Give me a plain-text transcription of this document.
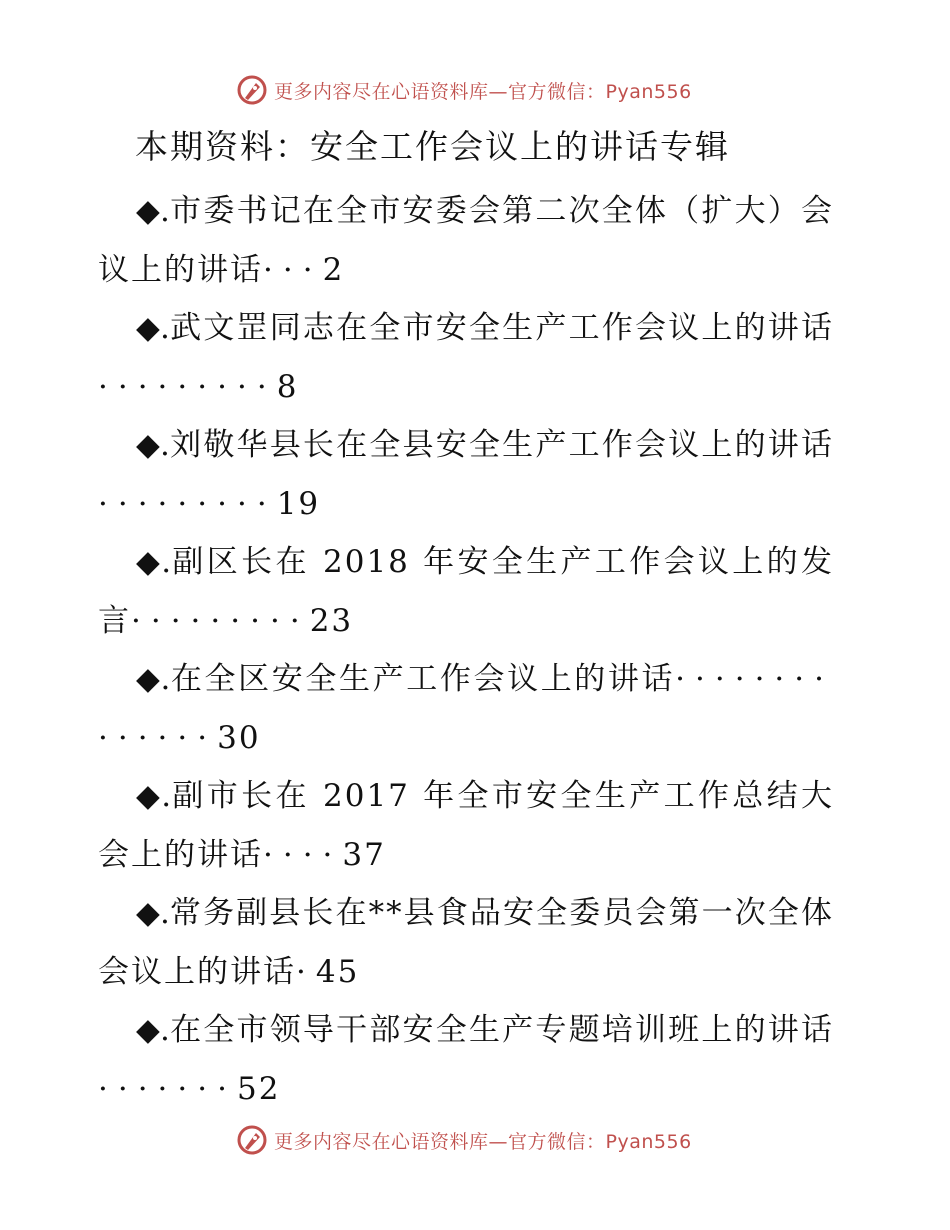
更多内容尽在心语资料库—官方微信：Pyan556
本期资料：安全工作会议上的讲话专辑
◆.市委书记在全市安委会第二次全体（扩大）会议上的讲话···2
◆.武文罡同志在全市安全生产工作会议上的讲话·········8
◆.刘敬华县长在全县安全生产工作会议上的讲话·········19
◆.副区长在 2018 年安全生产工作会议上的发言·········23
◆.在全区安全生产工作会议上的讲话··············30
◆.副市长在 2017 年全市安全生产工作总结大会上的讲话····37
◆.常务副县长在**县食品安全委员会第一次全体会议上的讲话·45
◆.在全市领导干部安全生产专题培训班上的讲话·······52
更多内容尽在心语资料库—官方微信：Pyan556
